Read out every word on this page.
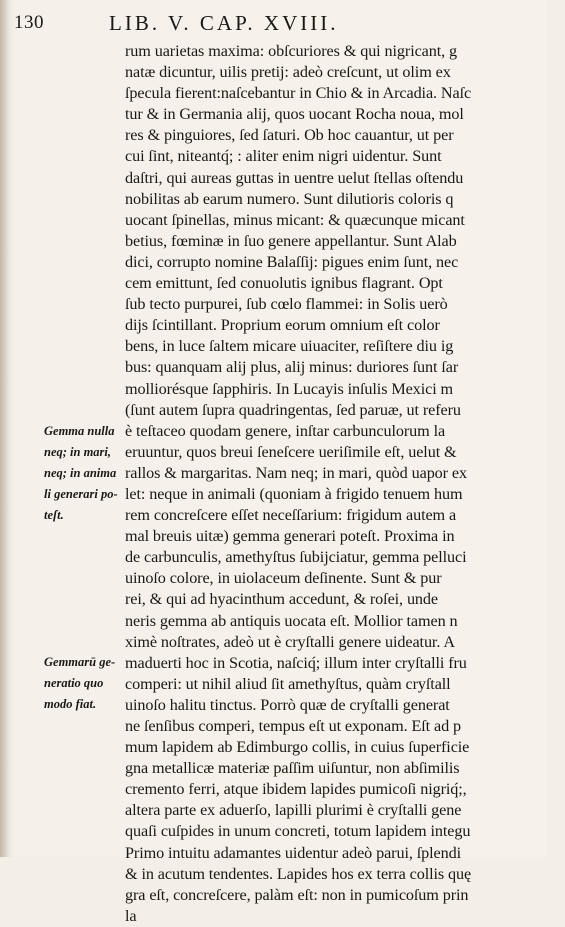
130	LIB. V. CAP. XVIII.
rum uarietas maxima: obſcuriores & qui nigricant, g
natæ dicuntur, uilis pretij: adeò creſcunt, ut olim ex
ſpecula fierent:naſcebantur in Chio & in Arcadia. Naſc
tur & in Germania alij, quos uocant Rocha noua, mol
res & pinguiores, ſed ſaturi. Ob hoc cauantur, ut per
cui ſint, niteantq́; : aliter enim nigri uidentur. Sunt
daſtri, qui aureas guttas in uentre uelut ſtellas oſtendu
nobilitas ab earum numero. Sunt dilutioris coloris q
uocant ſpinellas, minus micant: & quæcunque micant
betius, fœminæ in ſuo genere appellantur. Sunt Alab
dici, corrupto nomine Balaſſij: pigues enim ſunt, nec
cem emittunt, ſed conuolutis ignibus flagrant. Opt
ſub tecto purpurei, ſub cœlo flammei: in Solis uerò
dijs ſcintillant. Proprium eorum omnium eſt color
bens, in luce ſaltem micare uiuaciter, reſiſtere diu ig
bus: quanquam alij plus, alij minus: duriores ſunt ſar
molliorésque ſapphiris. In Lucayis inſulis Mexici m
(ſunt autem ſupra quadringentas, ſed paruæ, ut referu
è teſtaceo quodam genere, inſtar carbunculorum la
eruuntur, quos breui ſeneſcere ueriſimile eſt, uelut &
rallos & margaritas. Nam neq; in mari, quòd uapor ex
let: neque in animali (quoniam à frigido tenuem hum
rem concreſcere eſſet neceſſarium: frigidum autem a
mal breuis uitæ) gemma generari poteſt. Proxima in
de carbunculis, amethyſtus ſubijciatur, gemma pelluci
uinoſo colore, in uiolaceum deſinente. Sunt & pur
rei, & qui ad hyacinthum accedunt, & roſei, unde
neris gemma ab antiquis uocata eſt. Mollior tamen n
ximè noſtrates, adeò ut è cryſtalli genere uideatur. A
maduerti hoc in Scotia, naſciq́; illum inter cryſtalli fru
comperi: ut nihil aliud ſit amethyſtus, quàm cryſtall
uinoſo halitu tinctus. Porrò quæ de cryſtalli generat
ne ſenſibus comperi, tempus eſt ut exponam. Eſt ad p
mum lapidem ab Edimburgo collis, in cuius ſuperficie
gna metallicæ materiæ paſſim uiſuntur, non abſimilis
cremento ferri, atque ibidem lapides pumicoſi nigriq́;,
altera parte ex aduerſo, lapilli plurimi è cryſtalli gene
quaſi cuſpides in unum concreti, totum lapidem integu
Primo intuitu adamantes uidentur adeò parui, ſplendi
& in acutum tendentes. Lapides hos ex terra collis quę
gra eſt, concreſcere, palàm eſt: non in pumicoſum prin
la
Gemma nulla
neq; in mari,
neq; in anima
li generari po-
teſt.
Gemmarū ge-
neratio quo
modo fiat.
